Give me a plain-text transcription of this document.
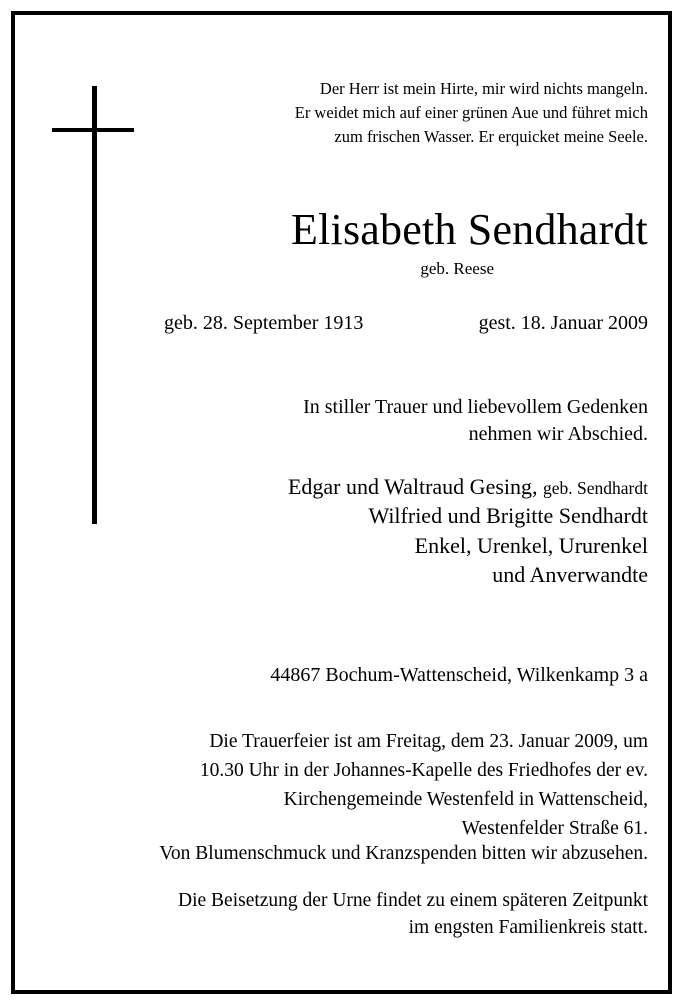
Der Herr ist mein Hirte, mir wird nichts mangeln.
Er weidet mich auf einer grünen Aue und führet mich
zum frischen Wasser. Er erquicket meine Seele.
Elisabeth Sendhardt
geb. Reese
geb. 28. September 1913	gest. 18. Januar 2009
In stiller Trauer und liebevollem Gedenken
nehmen wir Abschied.
Edgar und Waltraud Gesing, geb. Sendhardt
Wilfried und Brigitte Sendhardt
Enkel, Urenkel, Ururenkel
und Anverwandte
44867 Bochum-Wattenscheid, Wilkenkamp 3 a
Die Trauerfeier ist am Freitag, dem 23. Januar 2009, um
10.30 Uhr in der Johannes-Kapelle des Friedhofes der ev.
Kirchengemeinde Westenfeld in Wattenscheid,
Westenfelder Straße 61.
Von Blumenschmuck und Kranzspenden bitten wir abzusehen.
Die Beisetzung der Urne findet zu einem späteren Zeitpunkt
im engsten Familienkreis statt.
